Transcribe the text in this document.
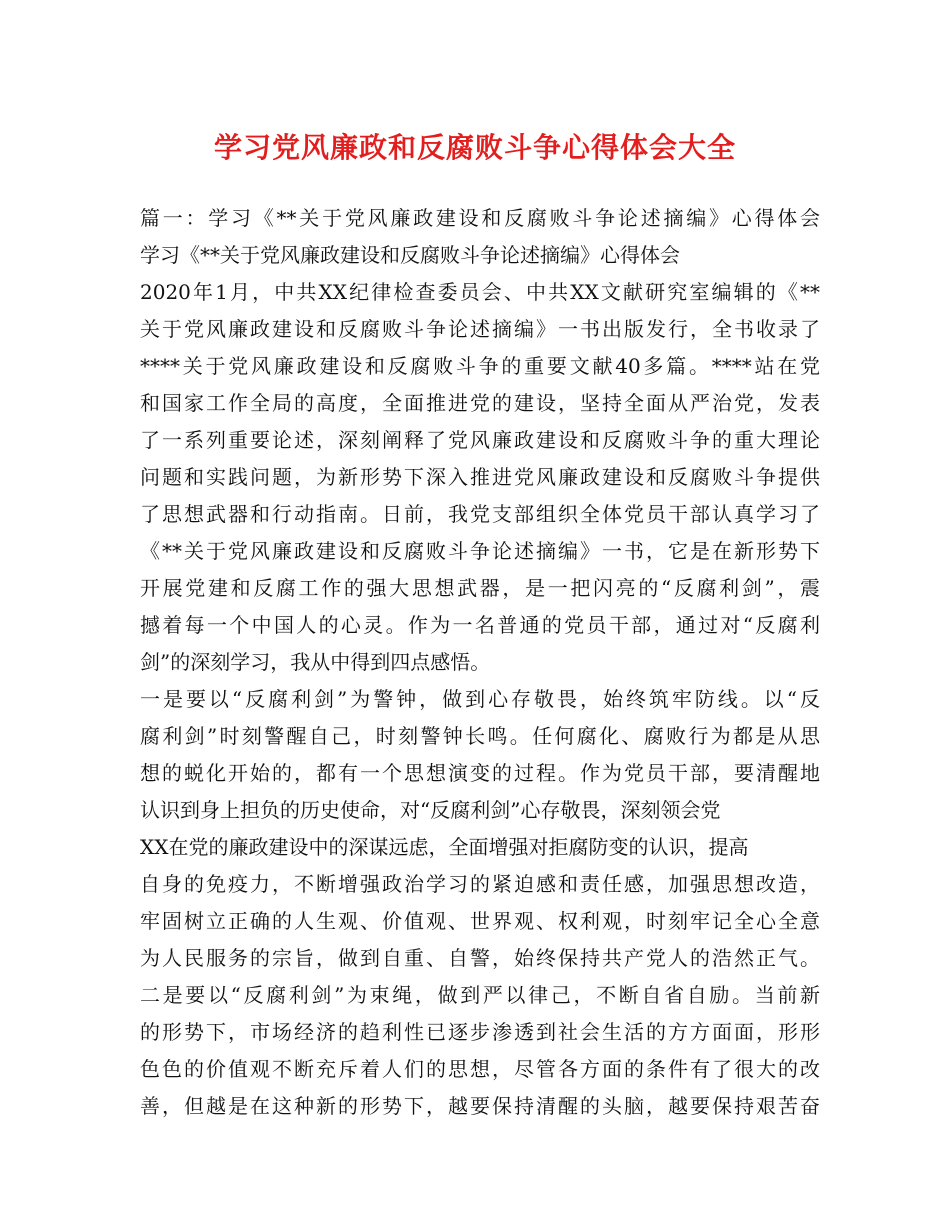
学习党风廉政和反腐败斗争心得体会大全
篇一：学习《**关于党风廉政建设和反腐败斗争论述摘编》心得体会
学习《**关于党风廉政建设和反腐败斗争论述摘编》心得体会
2020年1月，中共XX纪律检查委员会、中共XX文献研究室编辑的《**
关于党风廉政建设和反腐败斗争论述摘编》一书出版发行，全书收录了
****关于党风廉政建设和反腐败斗争的重要文献40多篇。****站在党
和国家工作全局的高度，全面推进党的建设，坚持全面从严治党，发表
了一系列重要论述，深刻阐释了党风廉政建设和反腐败斗争的重大理论
问题和实践问题，为新形势下深入推进党风廉政建设和反腐败斗争提供
了思想武器和行动指南。日前，我党支部组织全体党员干部认真学习了
《**关于党风廉政建设和反腐败斗争论述摘编》一书，它是在新形势下
开展党建和反腐工作的强大思想武器，是一把闪亮的“反腐利剑”，震
撼着每一个中国人的心灵。作为一名普通的党员干部，通过对“反腐利
剑”的深刻学习，我从中得到四点感悟。
一是要以“反腐利剑”为警钟，做到心存敬畏，始终筑牢防线。以“反
腐利剑”时刻警醒自己，时刻警钟长鸣。任何腐化、腐败行为都是从思
想的蜕化开始的，都有一个思想演变的过程。作为党员干部，要清醒地
认识到身上担负的历史使命，对“反腐利剑”心存敬畏，深刻领会党
XX在党的廉政建设中的深谋远虑，全面增强对拒腐防变的认识，提高
自身的免疫力，不断增强政治学习的紧迫感和责任感，加强思想改造，
牢固树立正确的人生观、价值观、世界观、权利观，时刻牢记全心全意
为人民服务的宗旨，做到自重、自警，始终保持共产党人的浩然正气。
二是要以“反腐利剑”为束绳，做到严以律己，不断自省自励。当前新
的形势下，市场经济的趋利性已逐步渗透到社会生活的方方面面，形形
色色的价值观不断充斥着人们的思想，尽管各方面的条件有了很大的改
善，但越是在这种新的形势下，越要保持清醒的头脑，越要保持艰苦奋
